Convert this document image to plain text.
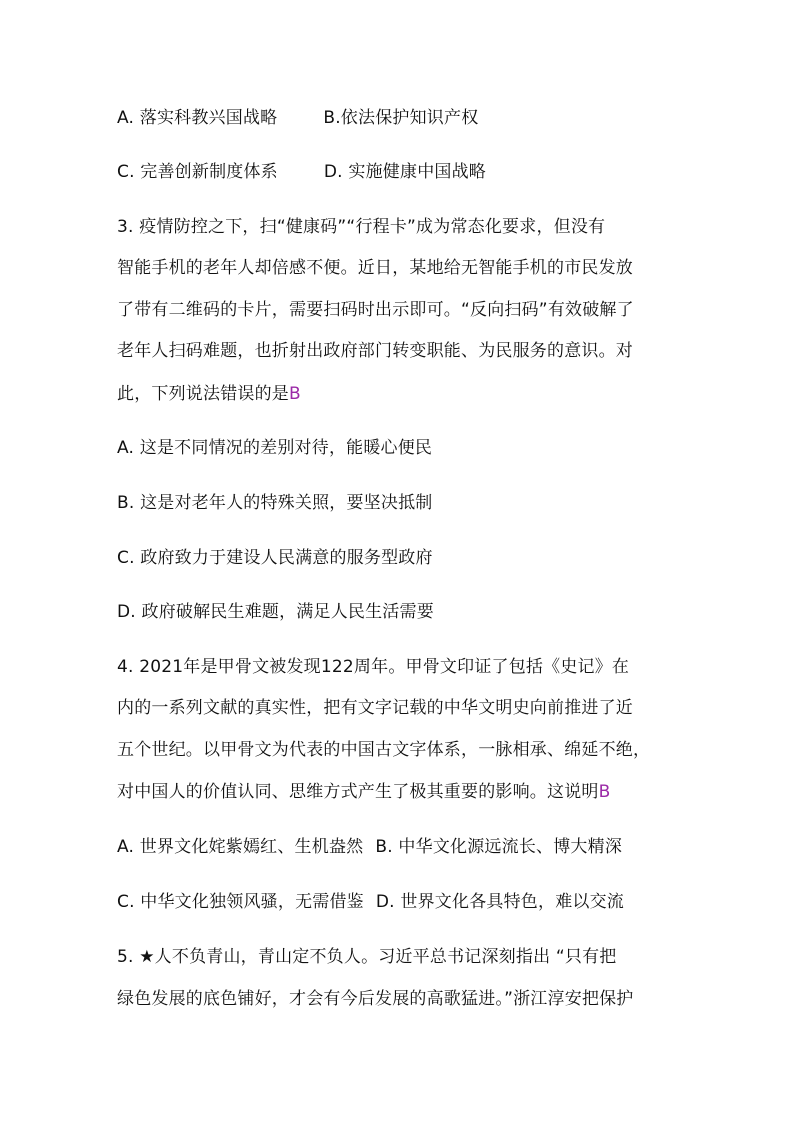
A. 落实科教兴国战略	B.依法保护知识产权
C. 完善创新制度体系	D. 实施健康中国战略
3. 疫情防控之下，扫“健康码”“行程卡”成为常态化要求，但没有
智能手机的老年人却倍感不便。近日，某地给无智能手机的市民发放
了带有二维码的卡片，需要扫码时出示即可。“反向扫码”有效破解了
老年人扫码难题，也折射出政府部门转变职能、为民服务的意识。对
此，下列说法错误的是B
A. 这是不同情况的差别对待，能暖心便民
B. 这是对老年人的特殊关照，要坚决抵制
C. 政府致力于建设人民满意的服务型政府
D. 政府破解民生难题，满足人民生活需要
4. 2021年是甲骨文被发现122周年。甲骨文印证了包括《史记》在
内的一系列文献的真实性，把有文字记载的中华文明史向前推进了近
五个世纪。以甲骨文为代表的中国古文字体系，一脉相承、绵延不绝，
对中国人的价值认同、思维方式产生了极其重要的影响。这说明B
A. 世界文化姹紫嫣红、生机盎然 B. 中华文化源远流长、博大精深
C. 中华文化独领风骚，无需借鉴 D. 世界文化各具特色，难以交流
5. ★人不负青山，青山定不负人。习近平总书记深刻指出 “只有把
绿色发展的底色铺好，才会有今后发展的高歌猛进。”浙江淳安把保护
